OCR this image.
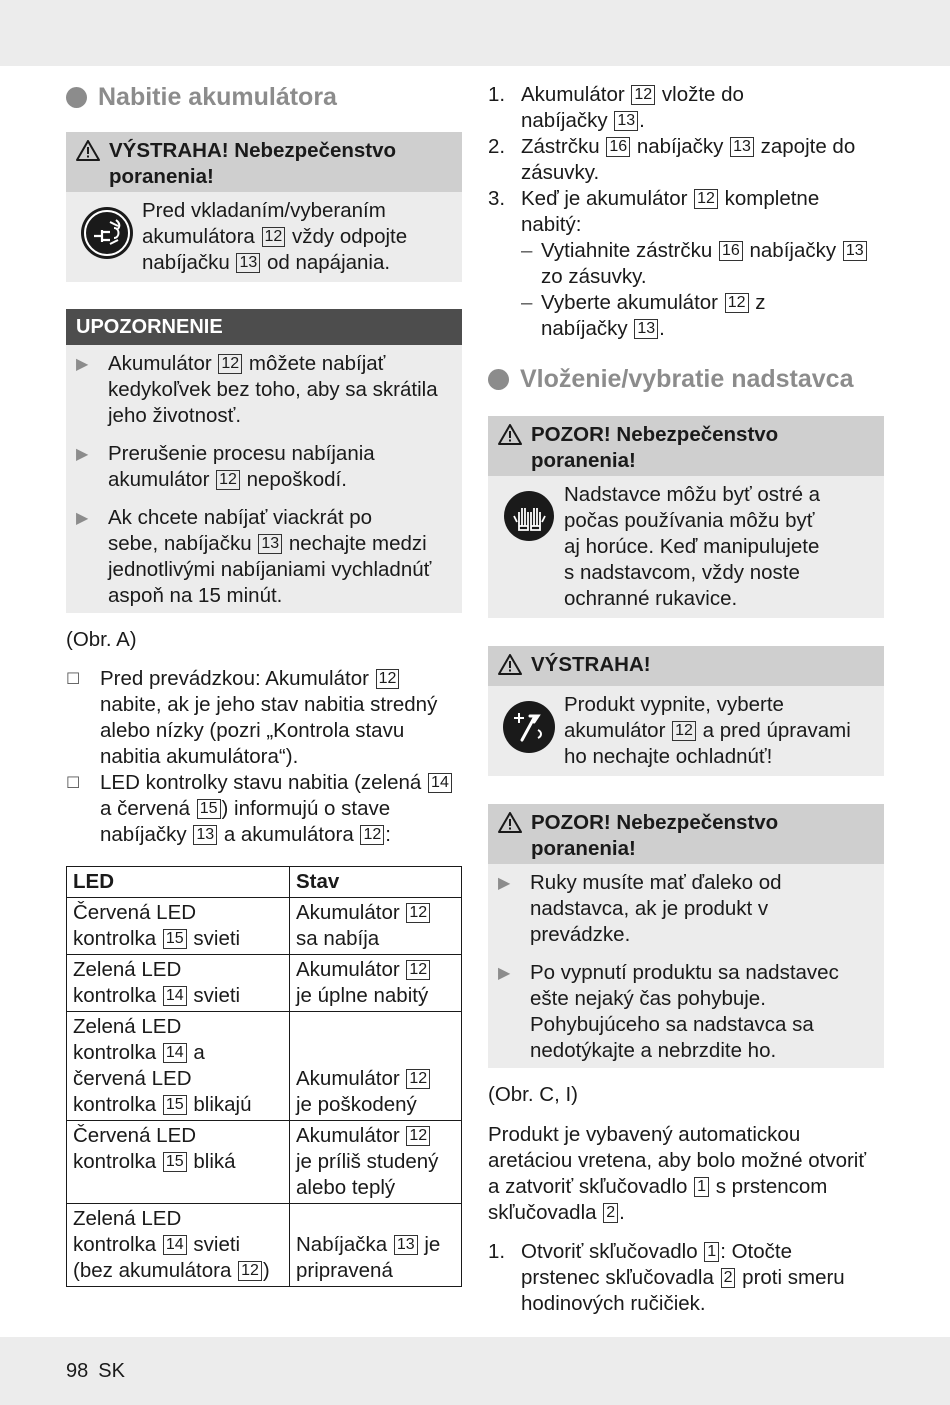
Nabitie akumulátora
VÝSTRAHA! Nebezpečenstvo
poranenia!
Pred vkladaním/vyberaním
akumulátora 12 vždy odpojte
nabíjačku 13 od napájania.
UPOZORNENIE
▶ Akumulátor 12 môžete nabíjať
kedykoľvek bez toho, aby sa skrátila
jeho životnosť.
▶ Prerušenie procesu nabíjania
akumulátor 12 nepoškodí.
▶ Ak chcete nabíjať viackrát po
sebe, nabíjačku 13 nechajte medzi
jednotlivými nabíjaniami vychladnúť
aspoň na 15 minút.
(Obr. A)
☐ Pred prevádzkou: Akumulátor 12
nabite, ak je jeho stav nabitia stredný
alebo nízky (pozri „Kontrola stavu
nabitia akumulátora“).
☐ LED kontrolky stavu nabitia (zelená 14
a červená 15 ) informujú o stave
nabíjačky 13 a akumulátora 12 :
LED	Stav
Červená LED
kontrolka 15 svieti	Akumulátor 12
sa nabíja
Zelená LED
kontrolka 14 svieti	Akumulátor 12
je úplne nabitý
Zelená LED
kontrolka 14 a
červená LED
kontrolka 15 blikajú	Akumulátor 12
je poškodený
Červená LED
kontrolka 15 bliká	Akumulátor 12
je príliš studený
alebo teplý
Zelená LED
kontrolka 14 svieti
(bez akumulátora 12 )	Nabíjačka 13 je
pripravená
1. Akumulátor 12 vložte do
nabíjačky 13 .
2. Zástrčku 16 nabíjačky 13 zapojte do
zásuvky.
3. Keď je akumulátor 12 kompletne
nabitý:
– Vytiahnite zástrčku 16 nabíjačky 13
zo zásuvky.
– Vyberte akumulátor 12 z
nabíjačky 13 .
Vloženie/vybratie nadstavca
POZOR! Nebezpečenstvo
poranenia!
Nadstavce môžu byť ostré a
počas používania môžu byť
aj horúce. Keď manipulujete
s nadstavcom, vždy noste
ochranné rukavice.
VÝSTRAHA!
Produkt vypnite, vyberte
akumulátor 12 a pred úpravami
ho nechajte ochladnúť!
POZOR! Nebezpečenstvo
poranenia!
▶ Ruky musíte mať ďaleko od
nadstavca, ak je produkt v
prevádzke.
▶ Po vypnutí produktu sa nadstavec
ešte nejaký čas pohybuje.
Pohybujúceho sa nadstavca sa
nedotýkajte a nebrzdite ho.
(Obr. C, I)
Produkt je vybavený automatickou
aretáciou vretena, aby bolo možné otvoriť
a zatvoriť skľučovadlo 1 s prstencom
skľučovadla 2 .
1. Otvoriť skľučovadlo 1 : Otočte
prstenec skľučovadla 2 proti smeru
hodinových ručičiek.
98 SK
